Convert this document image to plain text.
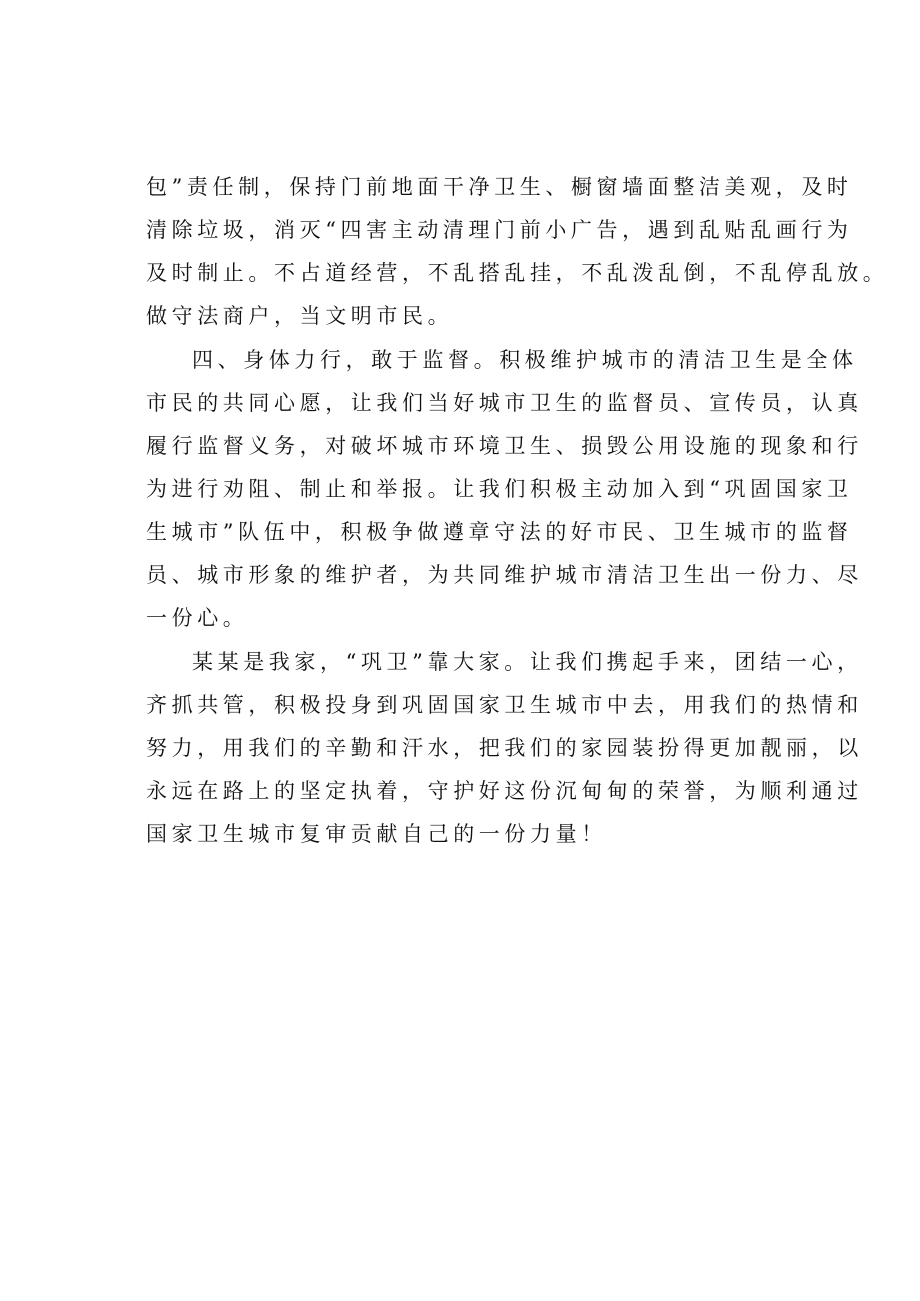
包”责任制，保持门前地面干净卫生、橱窗墙面整洁美观，及时

清除垃圾，消灭“四害主动清理门前小广告，遇到乱贴乱画行为

及时制止。不占道经营，不乱搭乱挂，不乱泼乱倒，不乱停乱放。

做守法商户，当文明市民。

四、身体力行，敢于监督。积极维护城市的清洁卫生是全体

市民的共同心愿，让我们当好城市卫生的监督员、宣传员，认真

履行监督义务，对破坏城市环境卫生、损毁公用设施的现象和行

为进行劝阻、制止和举报。让我们积极主动加入到“巩固国家卫

生城市”队伍中，积极争做遵章守法的好市民、卫生城市的监督

员、城市形象的维护者，为共同维护城市清洁卫生出一份力、尽

一份心。

某某是我家，“巩卫”靠大家。让我们携起手来，团结一心，

齐抓共管，积极投身到巩固国家卫生城市中去，用我们的热情和

努力，用我们的辛勤和汗水，把我们的家园装扮得更加靓丽，以

永远在路上的坚定执着，守护好这份沉甸甸的荣誉，为顺利通过

国家卫生城市复审贡献自己的一份力量！
